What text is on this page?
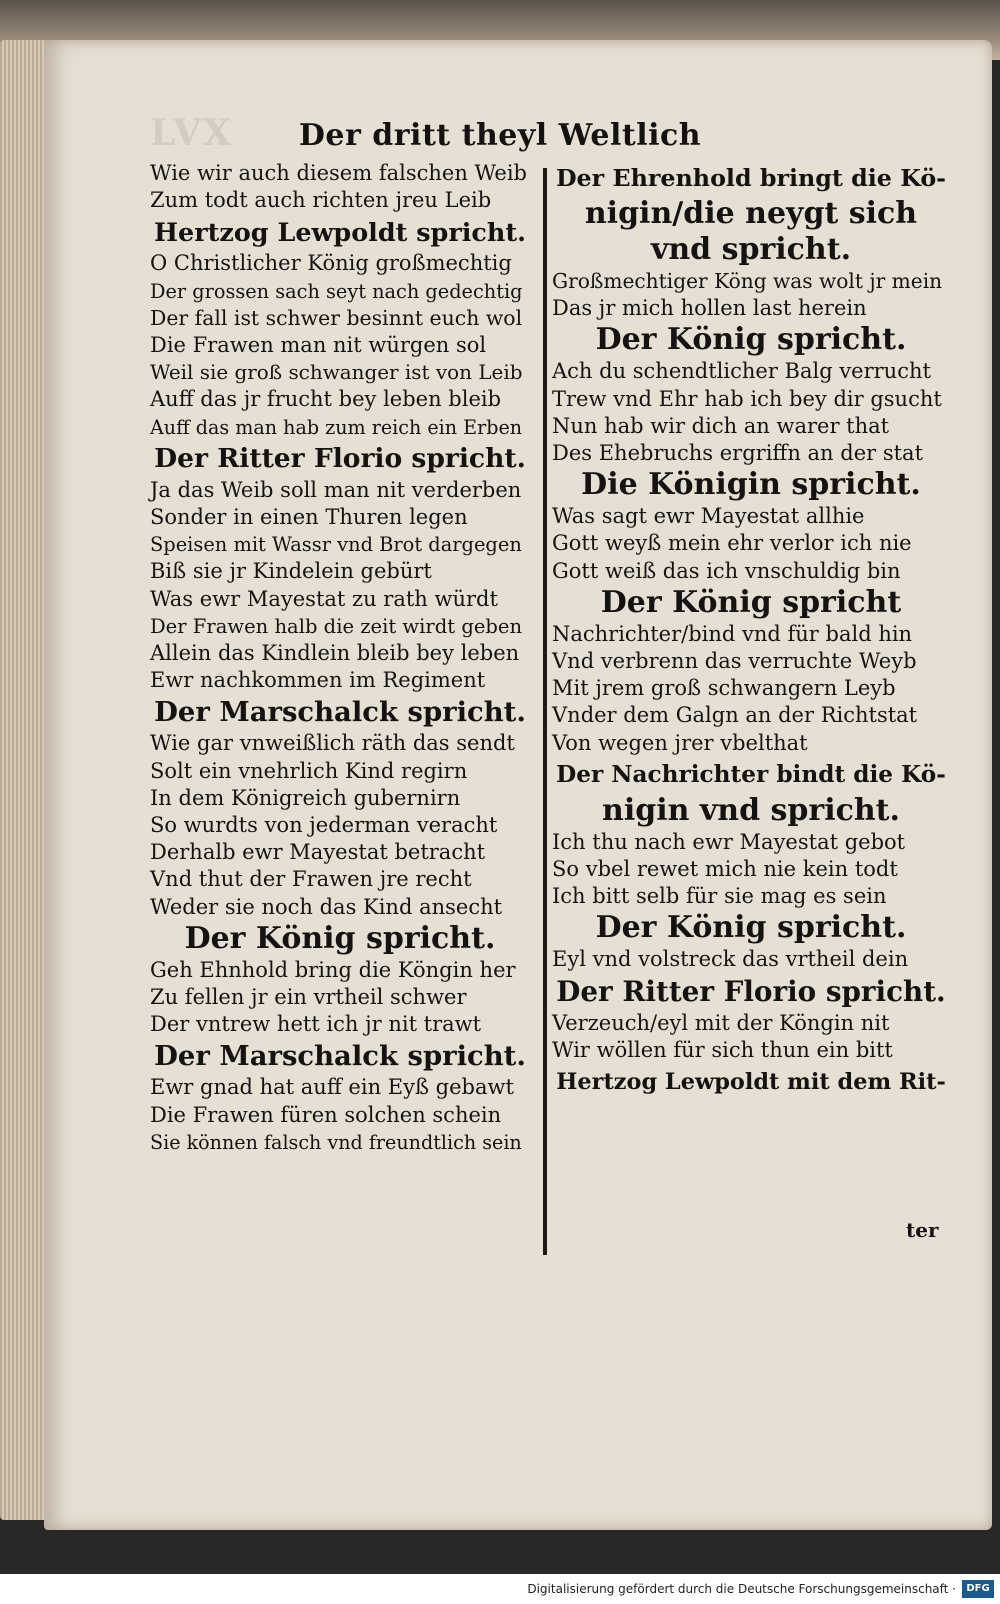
LVX	Der dritt theyl Weltlich
Wie wir auch diesem falschen Weib
Zum todt auch richten jreu Leib
Hertzog Lewpoldt spricht.
O Christlicher König großmechtig
Der grossen sach seyt nach gedechtig
Der fall ist schwer besinnt euch wol
Die Frawen man nit würgen sol
Weil sie groß schwanger ist von Leib
Auff das jr frucht bey leben bleib
Auff das man hab zum reich ein Erben
Der Ritter Florio spricht.
Ja das Weib soll man nit verderben
Sonder in einen Thuren legen
Speisen mit Wassr vnd Brot dargegen
Biß sie jr Kindelein gebürt
Was ewr Mayestat zu rath würdt
Der Frawen halb die zeit wirdt geben
Allein das Kindlein bleib bey leben
Ewr nachkommen im Regiment
Der Marschalck spricht.
Wie gar vnweißlich räth das sendt
Solt ein vnehrlich Kind regirn
In dem Königreich gubernirn
So wurdts von jederman veracht
Derhalb ewr Mayestat betracht
Vnd thut der Frawen jre recht
Weder sie noch das Kind ansecht
Der König spricht.
Geh Ehnhold bring die Köngin her
Zu fellen jr ein vrtheil schwer
Der vntrew hett ich jr nit trawt
Der Marschalck spricht.
Ewr gnad hat auff ein Eyß gebawt
Die Frawen füren solchen schein
Sie können falsch vnd freundtlich sein
Der Ehrenhold bringt die Kö-
nigin/die neygt sich
vnd spricht.
Großmechtiger Köng was wolt jr mein
Das jr mich hollen last herein
Der König spricht.
Ach du schendtlicher Balg verrucht
Trew vnd Ehr hab ich bey dir gsucht
Nun hab wir dich an warer that
Des Ehebruchs ergriffn an der stat
Die Königin spricht.
Was sagt ewr Mayestat allhie
Gott weyß mein ehr verlor ich nie
Gott weiß das ich vnschuldig bin
Der König spricht
Nachrichter/bind vnd für bald hin
Vnd verbrenn das verruchte Weyb
Mit jrem groß schwangern Leyb
Vnder dem Galgn an der Richtstat
Von wegen jrer vbelthat
Der Nachrichter bindt die Kö-
nigin vnd spricht.
Ich thu nach ewr Mayestat gebot
So vbel rewet mich nie kein todt
Ich bitt selb für sie mag es sein
Der König spricht.
Eyl vnd volstreck das vrtheil dein
Der Ritter Florio spricht.
Verzeuch/eyl mit der Köngin nit
Wir wöllen für sich thun ein bitt
Hertzog Lewpoldt mit dem Rit-
ter
Digitalisierung gefördert durch die Deutsche Forschungsgemeinschaft ·	DFG
